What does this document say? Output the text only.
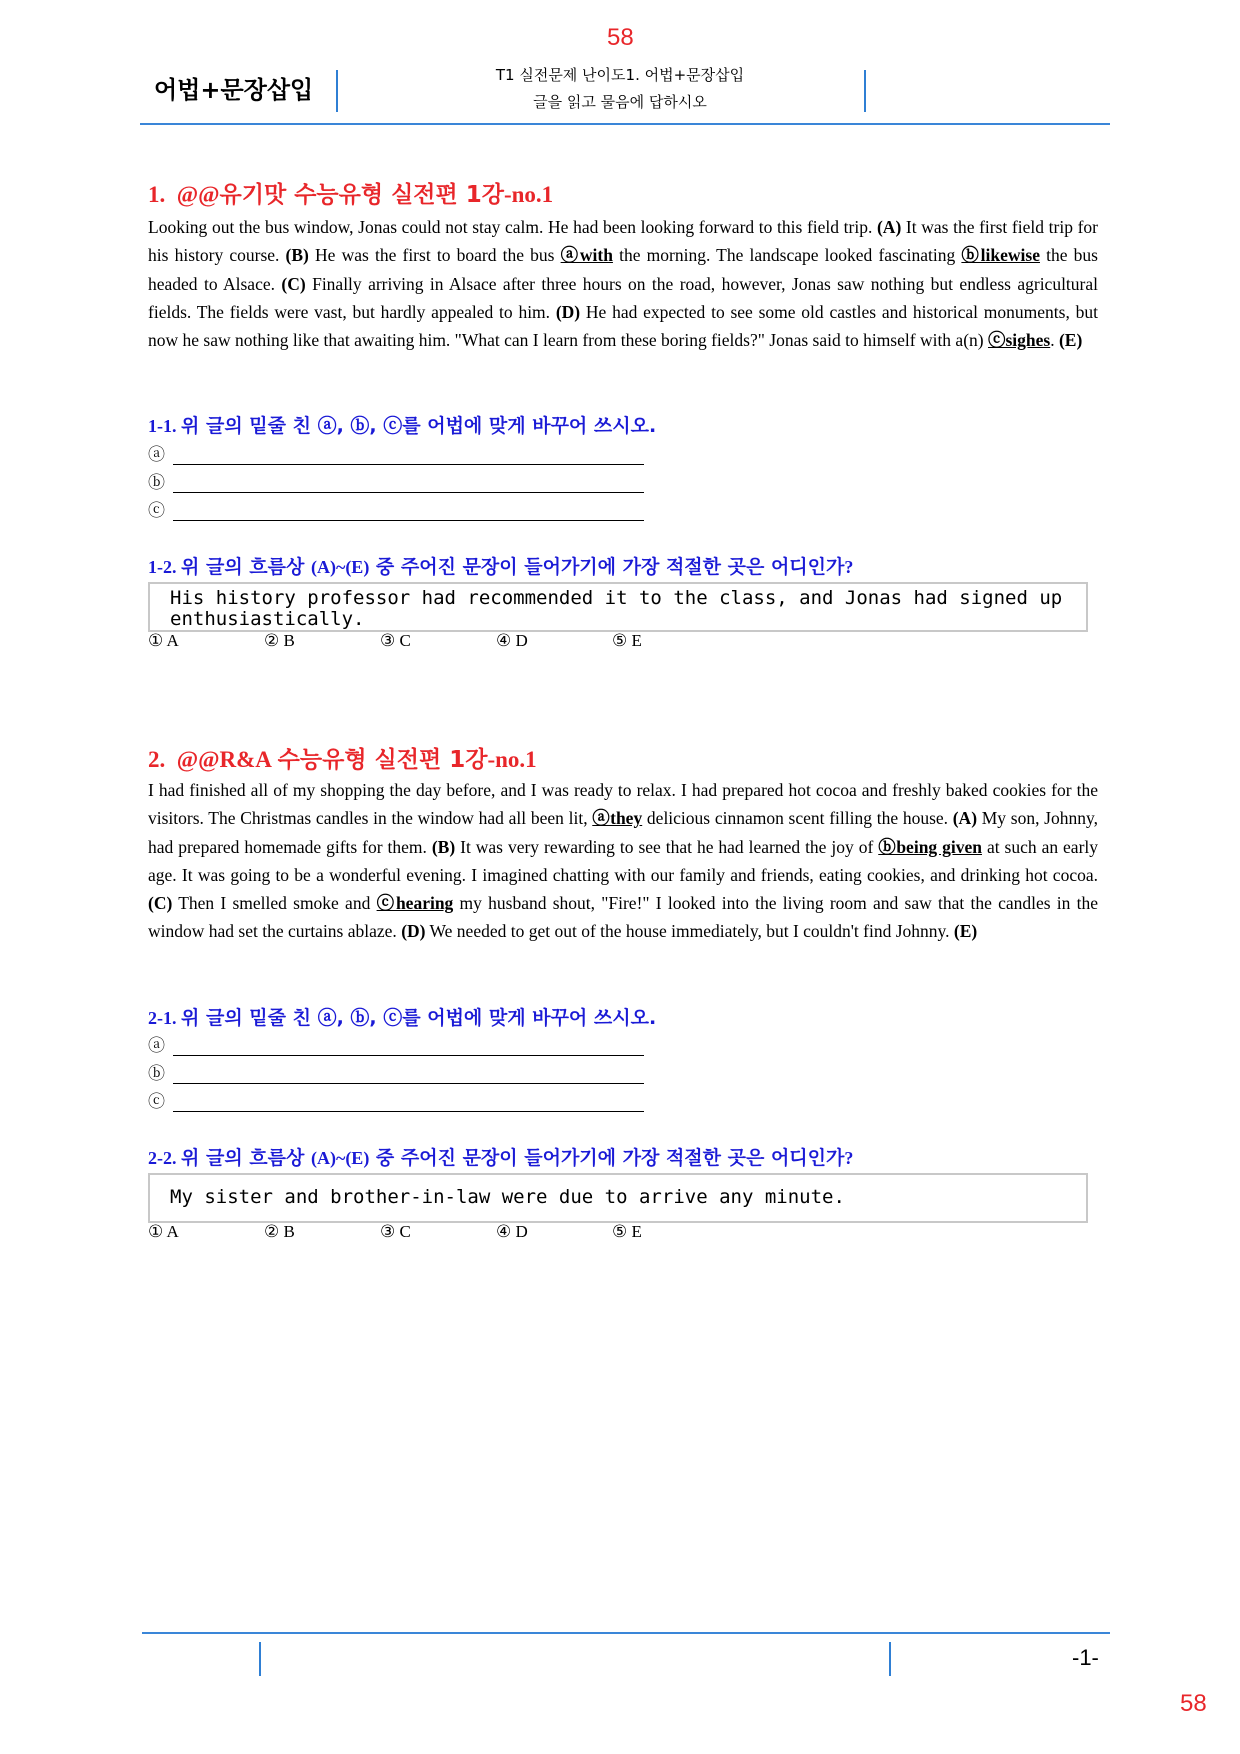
58
어법+문장삽입
T1 실전문제 난이도1. 어법+문장삽입
글을 읽고 물음에 답하시오
1. @@유기맛 수능유형 실전편 1강-no.1
Looking out the bus window, Jonas could not stay calm. He had been looking forward to this field trip. (A) It was the first field trip for his history course. (B) He was the first to board the bus ⓐwith the morning. The landscape looked fascinating ⓑlikewise the bus headed to Alsace. (C) Finally arriving in Alsace after three hours on the road, however, Jonas saw nothing but endless agricultural fields. The fields were vast, but hardly appealed to him. (D) He had expected to see some old castles and historical monuments, but now he saw nothing like that awaiting him. "What can I learn from these boring fields?" Jonas said to himself with a(n) ⓒsighes. (E)
1-1. 위 글의 밑줄 친 ⓐ, ⓑ, ⓒ를 어법에 맞게 바꾸어 쓰시오.
ⓐ
ⓑ
ⓒ
1-2. 위 글의 흐름상 (A)~(E) 중 주어진 문장이 들어가기에 가장 적절한 곳은 어디인가?
His history professor had recommended it to the class, and Jonas had signed up enthusiastically.
① A	② B	③ C	④ D	⑤ E
2. @@R&A 수능유형 실전편 1강-no.1
I had finished all of my shopping the day before, and I was ready to relax. I had prepared hot cocoa and freshly baked cookies for the visitors. The Christmas candles in the window had all been lit, ⓐthey delicious cinnamon scent filling the house. (A) My son, Johnny, had prepared homemade gifts for them. (B) It was very rewarding to see that he had learned the joy of ⓑbeing given at such an early age. It was going to be a wonderful evening. I imagined chatting with our family and friends, eating cookies, and drinking hot cocoa. (C) Then I smelled smoke and ⓒhearing my husband shout, "Fire!" I looked into the living room and saw that the candles in the window had set the curtains ablaze. (D) We needed to get out of the house immediately, but I couldn't find Johnny. (E)
2-1. 위 글의 밑줄 친 ⓐ, ⓑ, ⓒ를 어법에 맞게 바꾸어 쓰시오.
ⓐ
ⓑ
ⓒ
2-2. 위 글의 흐름상 (A)~(E) 중 주어진 문장이 들어가기에 가장 적절한 곳은 어디인가?
My sister and brother-in-law were due to arrive any minute.
① A	② B	③ C	④ D	⑤ E
-1-
58
